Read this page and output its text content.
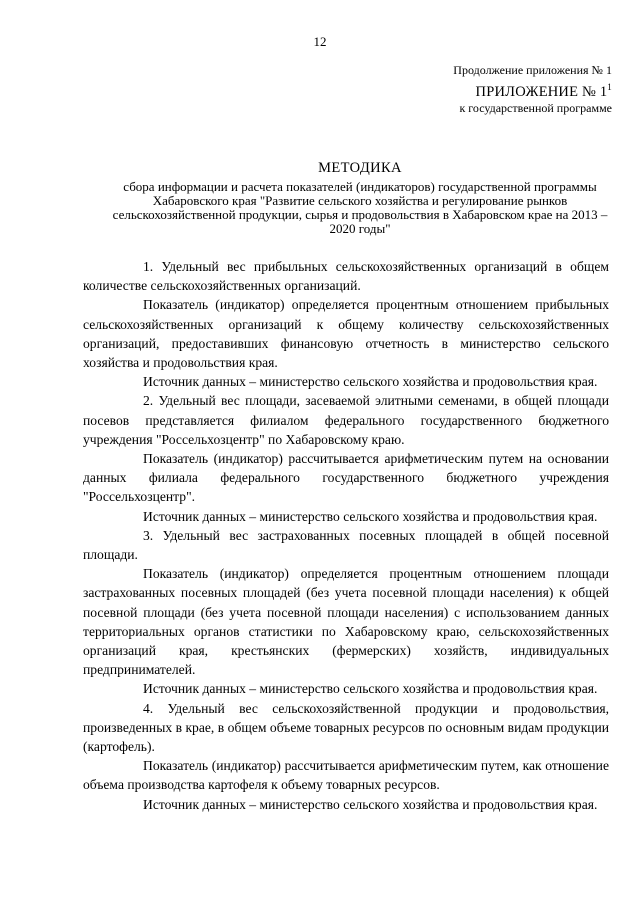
12
Продолжение приложения № 1
ПРИЛОЖЕНИЕ № $1^1$
к государственной программе
МЕТОДИКА
сбора информации и расчета показателей (индикаторов) государственной программы Хабаровского края "Развитие сельского хозяйства и регулирование рынков сельскохозяйственной продукции, сырья и продовольствия в Хабаровском крае на 2013 – 2020 годы"

1. Удельный вес прибыльных сельскохозяйственных организаций в общем количестве сельскохозяйственных организаций.

Показатель (индикатор) определяется процентным отношением прибыльных сельскохозяйственных организаций к общему количеству сельскохозяйственных организаций, предоставивших финансовую отчетность в министерство сельского хозяйства и продовольствия края.

Источник данных – министерство сельского хозяйства и продовольствия края.

2. Удельный вес площади, засеваемой элитными семенами, в общей площади посевов представляется филиалом федерального государственного бюджетного учреждения "Россельхозцентр" по Хабаровскому краю.

Показатель (индикатор) рассчитывается арифметическим путем на основании данных филиала федерального государственного бюджетного учреждения "Россельхозцентр".

Источник данных – министерство сельского хозяйства и продовольствия края.

3. Удельный вес застрахованных посевных площадей в общей посевной площади.

Показатель (индикатор) определяется процентным отношением площади застрахованных посевных площадей (без учета посевной площади населения) к общей посевной площади (без учета посевной площади населения) с использованием данных территориальных органов статистики по Хабаровскому краю, сельскохозяйственных организаций края, крестьянских (фермерских) хозяйств, индивидуальных предпринимателей.

Источник данных – министерство сельского хозяйства и продовольствия края.

4. Удельный вес сельскохозяйственной продукции и продовольствия, произведенных в крае, в общем объеме товарных ресурсов по основным видам продукции (картофель).

Показатель (индикатор) рассчитывается арифметическим путем, как отношение объема производства картофеля к объему товарных ресурсов.

Источник данных – министерство сельского хозяйства и продовольствия края.
